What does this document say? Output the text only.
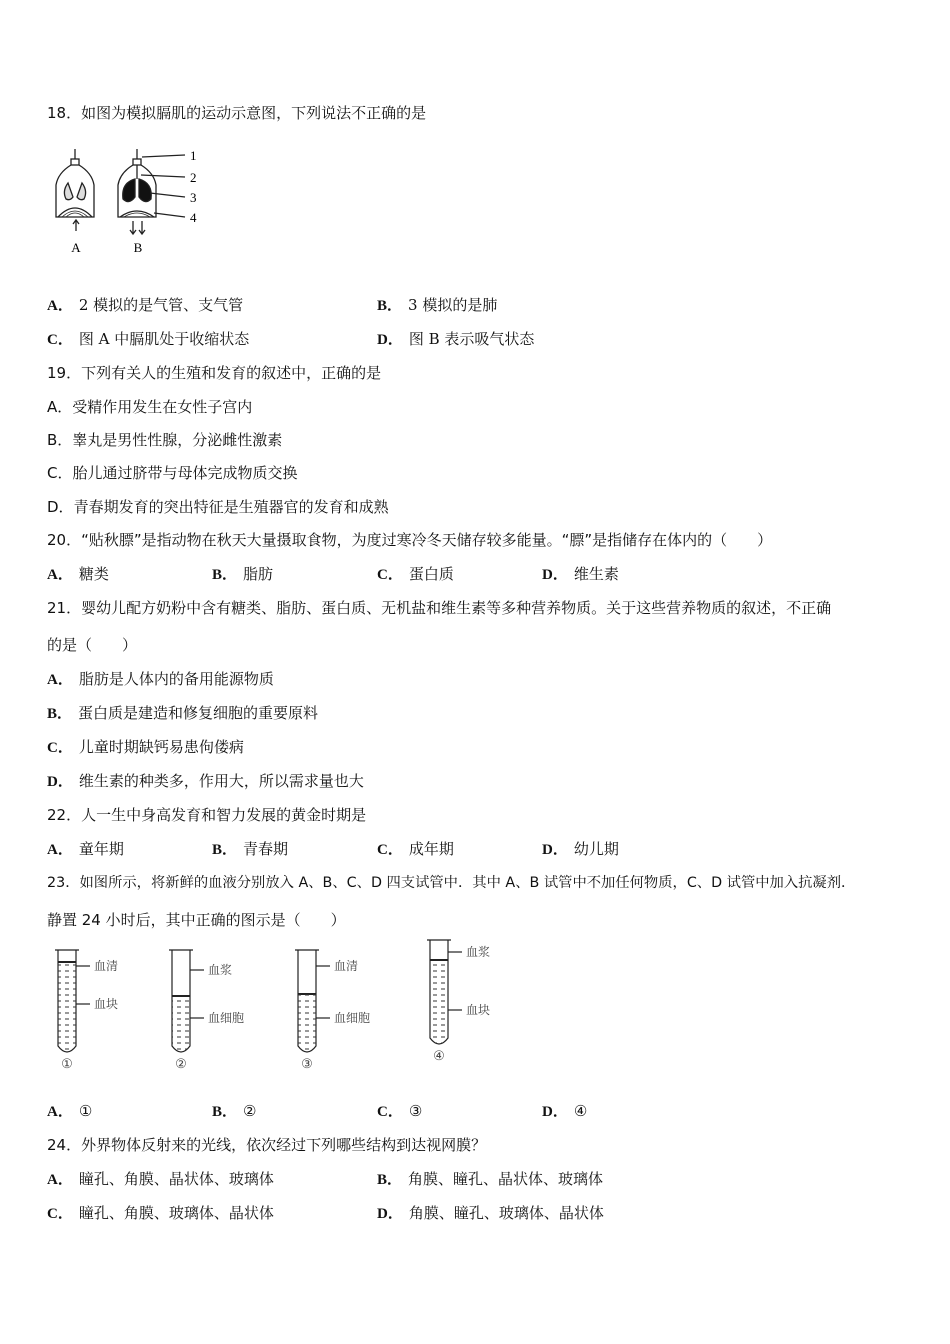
18．如图为模拟膈肌的运动示意图，下列说法不正确的是
A	B
1
2
3
4
A． 2 模拟的是气管、支气管	B． 3 模拟的是肺
C． 图 A 中膈肌处于收缩状态	D． 图 B 表示吸气状态
19．下列有关人的生殖和发育的叙述中，正确的是
A．受精作用发生在女性子宫内
B．睾丸是男性性腺，分泌雌性激素
C．胎儿通过脐带与母体完成物质交换
D．青春期发育的突出特征是生殖器官的发育和成熟
20．“贴秋膘”是指动物在秋天大量摄取食物，为度过寒冷冬天储存较多能量。“膘”是指储存在体内的（　　）
A． 糖类	B． 脂肪	C． 蛋白质	D． 维生素
21．婴幼儿配方奶粉中含有糖类、脂肪、蛋白质、无机盐和维生素等多种营养物质。关于这些营养物质的叙述，不正确
的是（　　）
A． 脂肪是人体内的备用能源物质
B． 蛋白质是建造和修复细胞的重要原料
C． 儿童时期缺钙易患佝偻病
D． 维生素的种类多，作用大，所以需求量也大
22．人一生中身高发育和智力发展的黄金时期是
A． 童年期	B． 青春期	C． 成年期	D． 幼儿期
23．如图所示，将新鲜的血液分别放入 A、B、C、D 四支试管中．其中 A、B 试管中不加任何物质，C、D 试管中加入抗凝剂．
静置 24 小时后，其中正确的图示是（　　）
血清
血块
①
血浆
血细胞
②
血清
血细胞
③
血浆
血块
④
A． ①	B． ②	C． ③	D． ④
24．外界物体反射来的光线，依次经过下列哪些结构到达视网膜？
A． 瞳孔、角膜、晶状体、玻璃体	B． 角膜、瞳孔、晶状体、玻璃体
C． 瞳孔、角膜、玻璃体、晶状体	D． 角膜、瞳孔、玻璃体、晶状体
